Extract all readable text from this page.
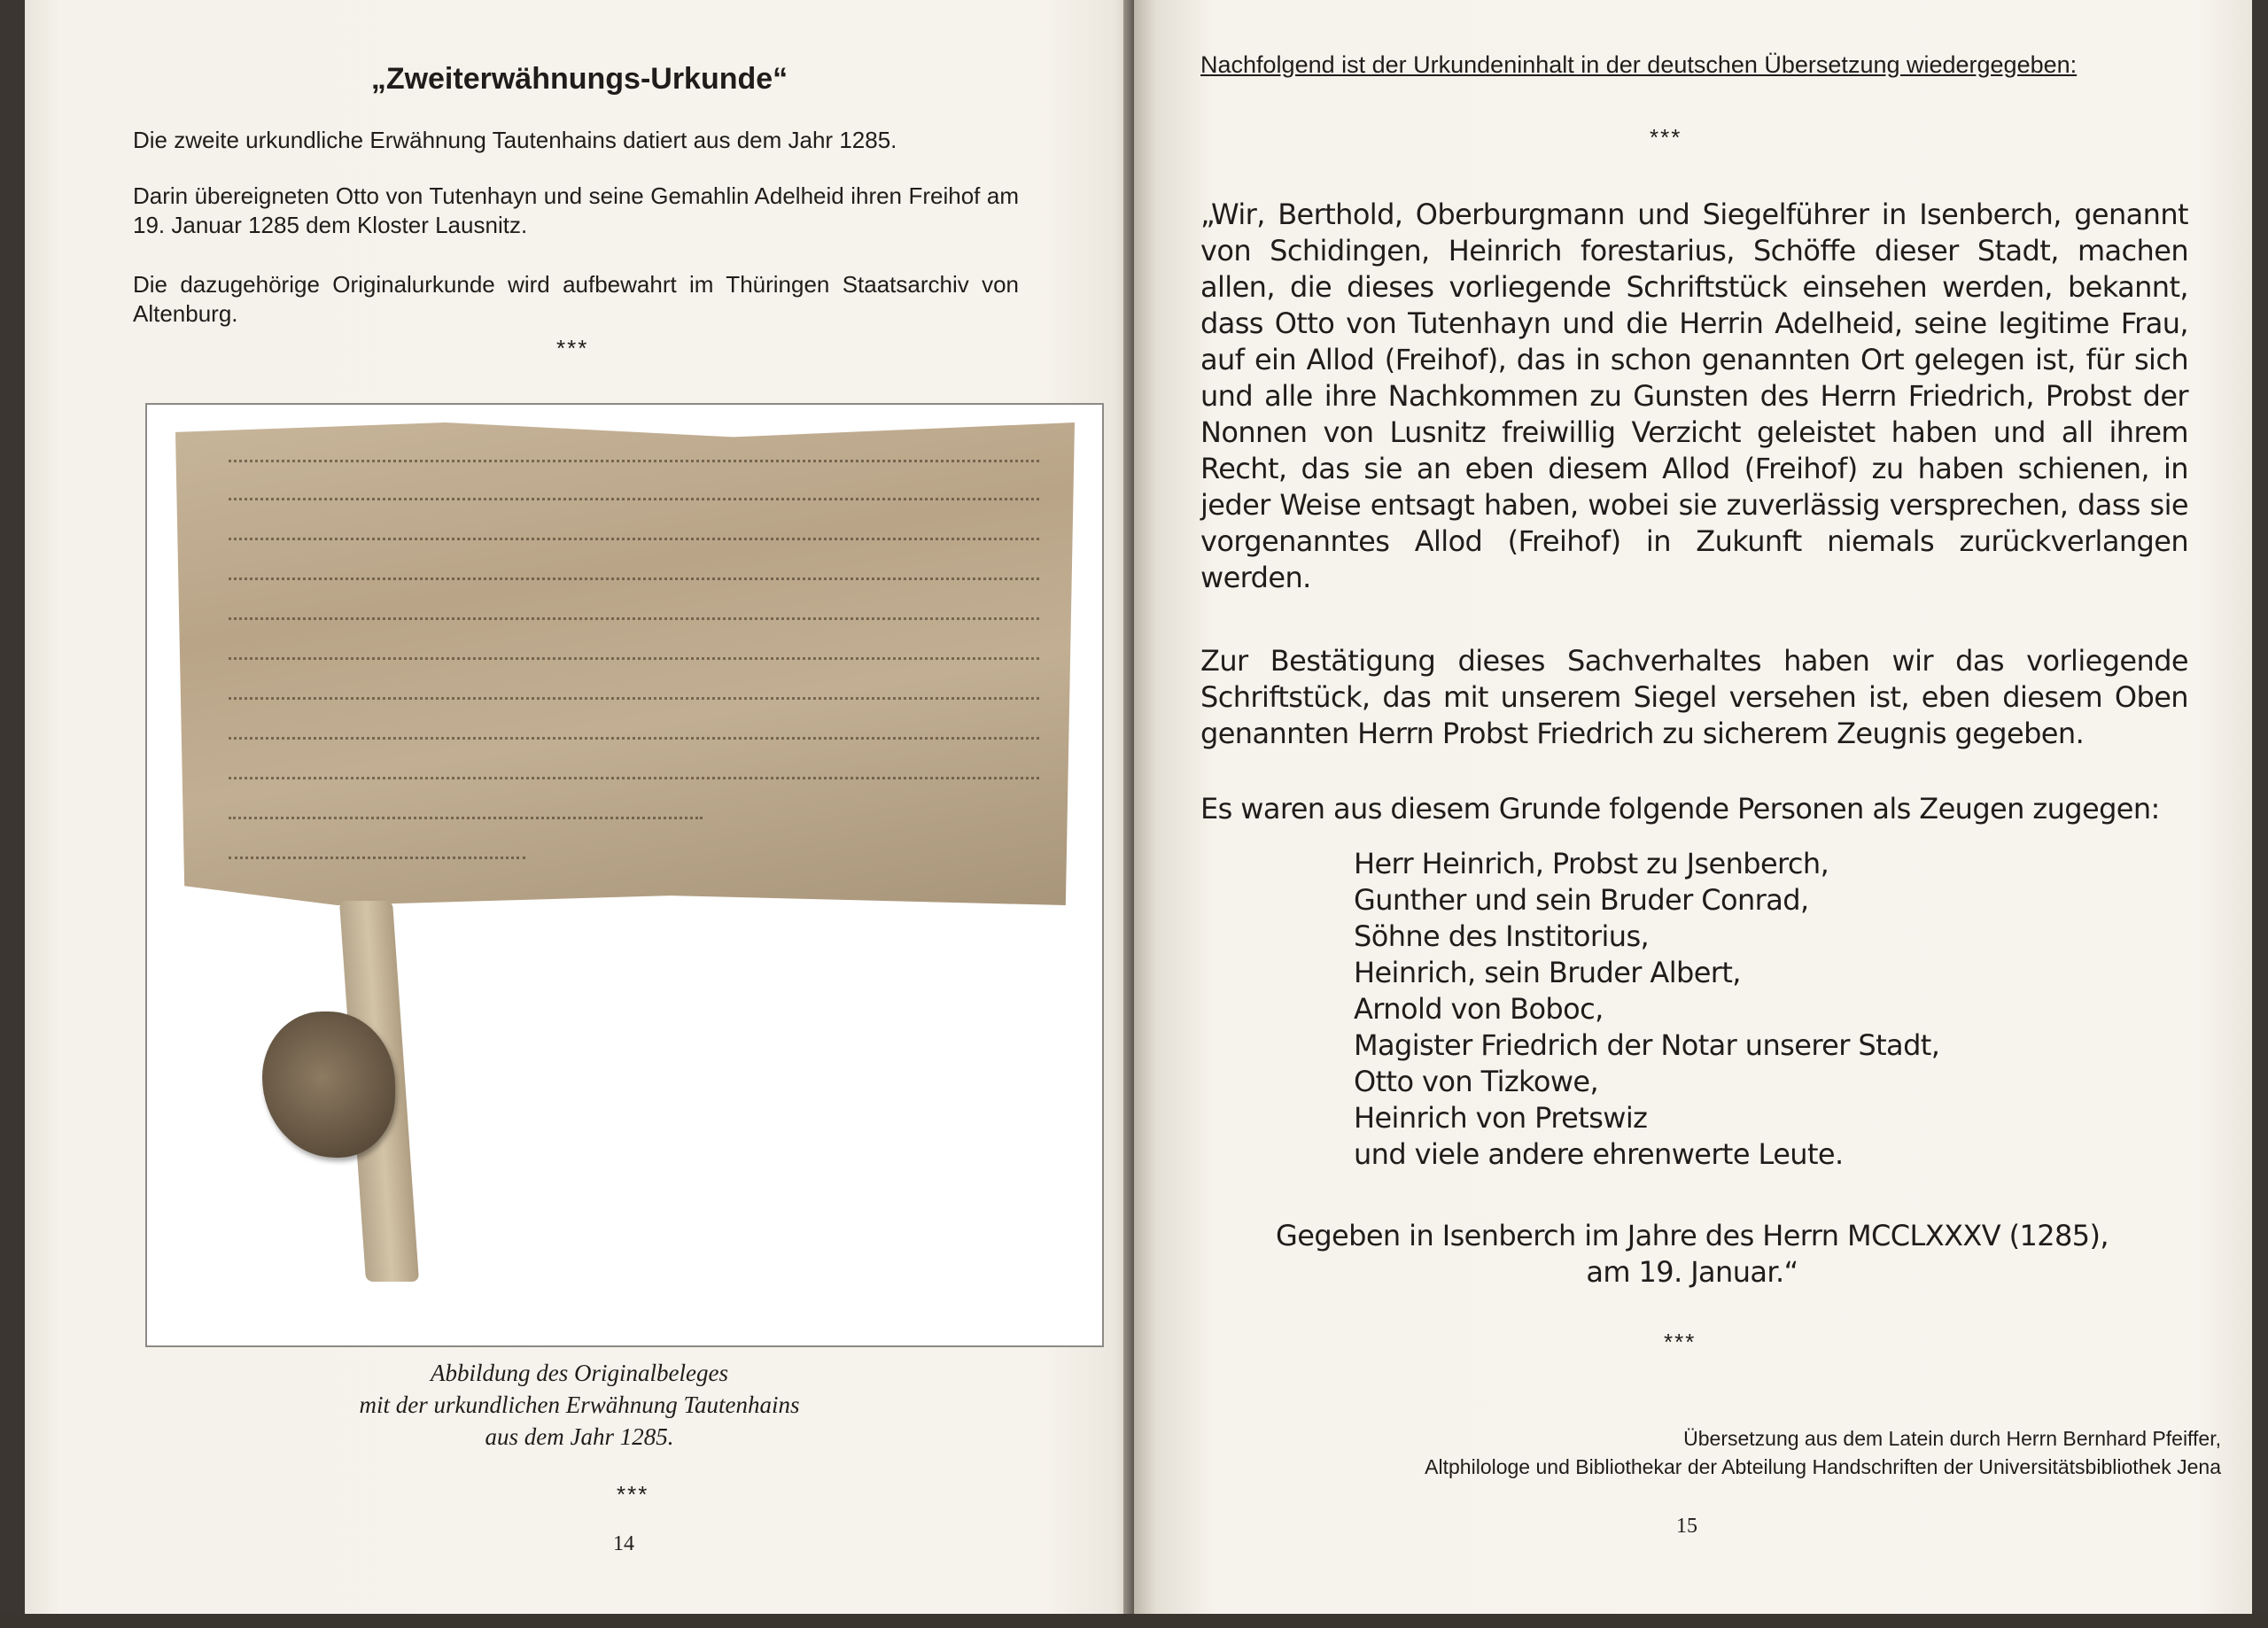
„Zweiterwähnungs-Urkunde“
Die zweite urkundliche Erwähnung Tautenhains datiert aus dem Jahr 1285.
Darin übereigneten Otto von Tutenhayn und seine Gemahlin Adelheid ihren Freihof am 19. Januar 1285 dem Kloster Lausnitz.
Die dazugehörige Originalurkunde wird aufbewahrt im Thüringen Staatsarchiv von Altenburg.
***
Abbildung des Originalbeleges
mit der urkundlichen Erwähnung Tautenhains
aus dem Jahr 1285.
***
14
Nachfolgend ist der Urkundeninhalt in der deutschen Übersetzung wiedergegeben:
***
„Wir, Berthold, Oberburgmann und Siegelführer in Isenberch, genannt von Schidingen, Heinrich forestarius, Schöffe dieser Stadt, machen allen, die dieses vorliegende Schriftstück einsehen werden, bekannt, dass Otto von Tutenhayn und die Herrin Adelheid, seine legitime Frau, auf ein Allod (Freihof), das in schon genannten Ort gelegen ist, für sich und alle ihre Nachkommen zu Gunsten des Herrn Friedrich, Probst der Nonnen von Lusnitz freiwillig Verzicht geleistet haben und all ihrem Recht, das sie an eben diesem Allod (Freihof) zu haben schienen, in jeder Weise entsagt haben, wobei sie zuverlässig versprechen, dass sie vorgenanntes Allod (Freihof) in Zukunft niemals zurückverlangen werden.
Zur Bestätigung dieses Sachverhaltes haben wir das vorliegende Schriftstück, das mit unserem Siegel versehen ist, eben diesem Oben genannten Herrn Probst Friedrich zu sicherem Zeugnis gegeben.
Es waren aus diesem Grunde folgende Personen als Zeugen zugegen:
Herr Heinrich, Probst zu Jsenberch,
Gunther und sein Bruder Conrad,
Söhne des Institorius,
Heinrich, sein Bruder Albert,
Arnold von Boboc,
Magister Friedrich der Notar unserer Stadt,
Otto von Tizkowe,
Heinrich von Pretswiz
und viele andere ehrenwerte Leute.
Gegeben in Isenberch im Jahre des Herrn MCCLXXXV (1285),
am 19. Januar.“
***
Übersetzung aus dem Latein durch Herrn Bernhard Pfeiffer,
Altphilologe und Bibliothekar der Abteilung Handschriften der Universitätsbibliothek Jena
15
